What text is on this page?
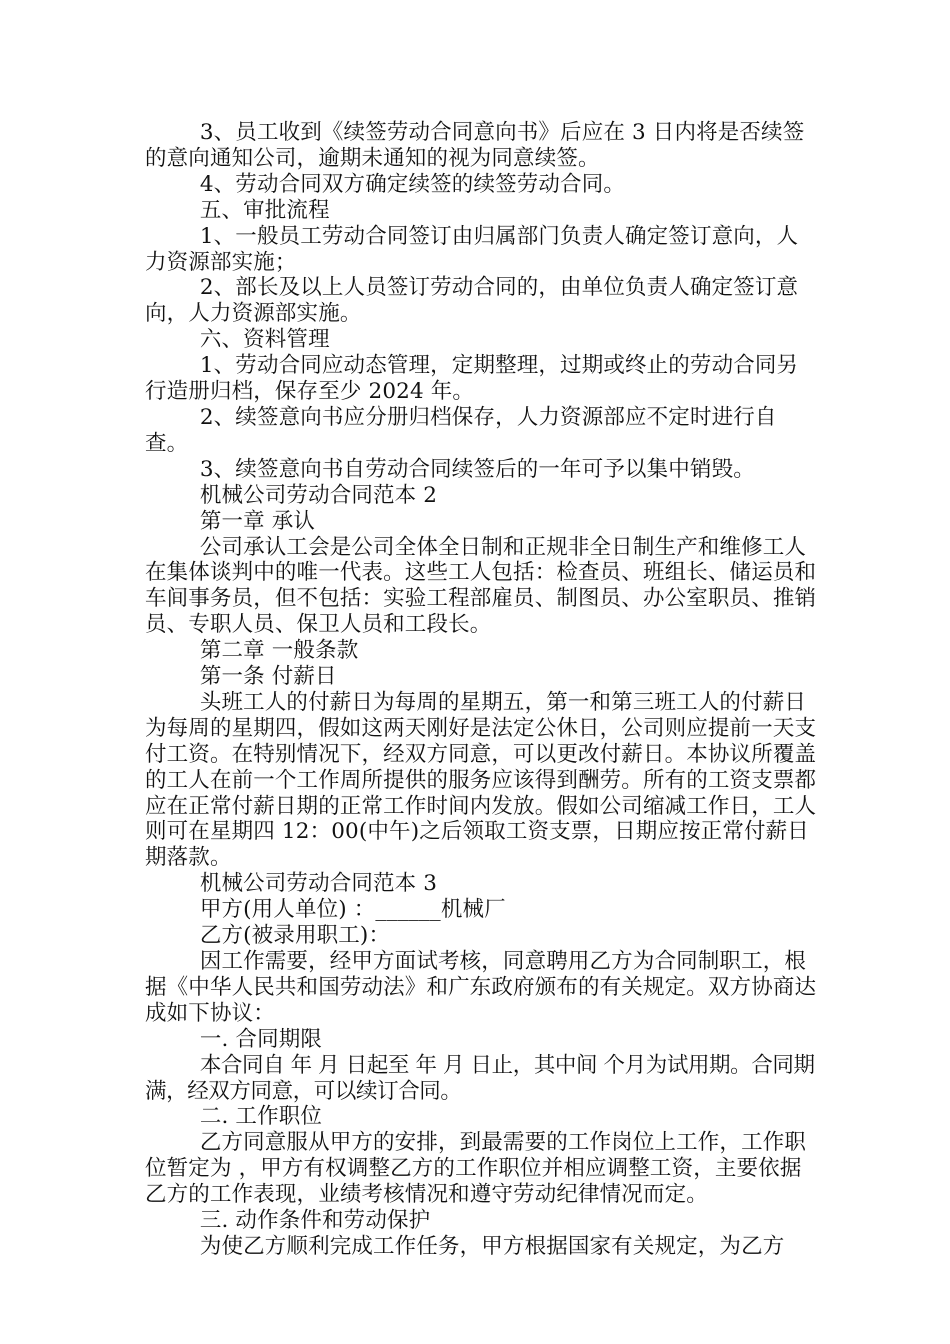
3、员工收到《续签劳动合同意向书》后应在 3 日内将是否续签的意向通知公司，逾期未通知的视为同意续签。

4、劳动合同双方确定续签的续签劳动合同。

五、审批流程

1、一般员工劳动合同签订由归属部门负责人确定签订意向，人力资源部实施；

2、部长及以上人员签订劳动合同的，由单位负责人确定签订意向，人力资源部实施。

六、资料管理

1、劳动合同应动态管理，定期整理，过期或终止的劳动合同另行造册归档，保存至少 2024 年。

2、续签意向书应分册归档保存，人力资源部应不定时进行自查。

3、续签意向书自劳动合同续签后的一年可予以集中销毁。

机械公司劳动合同范本 2

第一章 承认

公司承认工会是公司全体全日制和正规非全日制生产和维修工人在集体谈判中的唯一代表。这些工人包括：检查员、班组长、储运员和车间事务员，但不包括：实验工程部雇员、制图员、办公室职员、推销员、专职人员、保卫人员和工段长。

第二章 一般条款

第一条 付薪日

头班工人的付薪日为每周的星期五，第一和第三班工人的付薪日为每周的星期四，假如这两天刚好是法定公休日，公司则应提前一天支付工资。在特别情况下，经双方同意，可以更改付薪日。本协议所覆盖的工人在前一个工作周所提供的服务应该得到酬劳。所有的工资支票都应在正常付薪日期的正常工作时间内发放。假如公司缩减工作日，工人则可在星期四 12：00(中午)之后领取工资支票，日期应按正常付薪日期落款。

机械公司劳动合同范本 3

甲方(用人单位) ：______机械厂

乙方(被录用职工)：

因工作需要，经甲方面试考核，同意聘用乙方为合同制职工，根据《中华人民共和国劳动法》和广东政府颁布的有关规定。双方协商达成如下协议：

一. 合同期限

本合同自 年 月 日起至 年 月 日止，其中间 个月为试用期。合同期满，经双方同意，可以续订合同。

二. 工作职位

乙方同意服从甲方的安排，到最需要的工作岗位上工作，工作职位暂定为 ，甲方有权调整乙方的工作职位并相应调整工资，主要依据乙方的工作表现，业绩考核情况和遵守劳动纪律情况而定。

三. 动作条件和劳动保护

为使乙方顺利完成工作任务，甲方根据国家有关规定，为乙方
